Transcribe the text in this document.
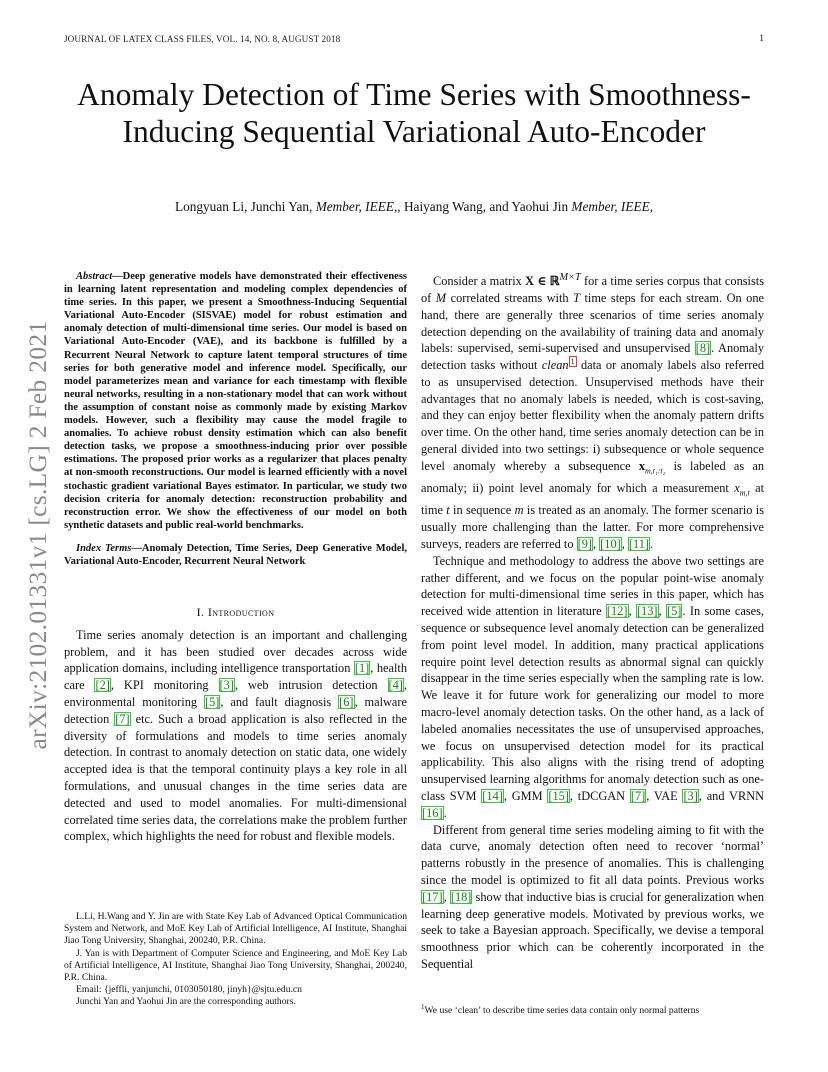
JOURNAL OF LATEX CLASS FILES, VOL. 14, NO. 8, AUGUST 2018	1
arXiv:2102.01331v1 [cs.LG] 2 Feb 2021
Anomaly Detection of Time Series with Smoothness-Inducing Sequential Variational Auto-Encoder
Longyuan Li, Junchi Yan, Member, IEEE,, Haiyang Wang, and Yaohui Jin Member, IEEE,

Abstract—Deep generative models have demonstrated their effectiveness in learning latent representation and modeling complex dependencies of time series. In this paper, we present a Smoothness-Inducing Sequential Variational Auto-Encoder (SISVAE) model for robust estimation and anomaly detection of multi-dimensional time series. Our model is based on Variational Auto-Encoder (VAE), and its backbone is fulfilled by a Recurrent Neural Network to capture latent temporal structures of time series for both generative model and inference model. Specifically, our model parameterizes mean and variance for each timestamp with flexible neural networks, resulting in a non-stationary model that can work without the assumption of constant noise as commonly made by existing Markov models. However, such a flexibility may cause the model fragile to anomalies. To achieve robust density estimation which can also benefit detection tasks, we propose a smoothness-inducing prior over possible estimations. The proposed prior works as a regularizer that places penalty at non-smooth reconstructions. Our model is learned efficiently with a novel stochastic gradient variational Bayes estimator. In particular, we study two decision criteria for anomaly detection: reconstruction probability and reconstruction error. We show the effectiveness of our model on both synthetic datasets and public real-world benchmarks.

Index Terms—Anomaly Detection, Time Series, Deep Generative Model, Variational Auto-Encoder, Recurrent Neural Network

I. Introduction

Time series anomaly detection is an important and challenging problem, and it has been studied over decades across wide application domains, including intelligence transportation [1], health care [2], KPI monitoring [3], web intrusion detection [4], environmental monitoring [5], and fault diagnosis [6], malware detection [7] etc. Such a broad application is also reflected in the diversity of formulations and models to time series anomaly detection. In contrast to anomaly detection on static data, one widely accepted idea is that the temporal continuity plays a key role in all formulations, and unusual changes in the time series data are detected and used to model anomalies. For multi-dimensional correlated time series data, the correlations make the problem further complex, which highlights the need for robust and flexible models.

L.Li, H.Wang and Y. Jin are with State Key Lab of Advanced Optical Communication System and Network, and MoE Key Lab of Artificial Intelligence, AI Institute, Shanghai Jiao Tong University, Shanghai, 200240, P.R. China.

J. Yan is with Department of Computer Science and Engineering, and MoE Key Lab of Artificial Intelligence, AI Institute, Shanghai Jiao Tong University, Shanghai, 200240, P.R. China.

Email: {jeffli, yanjunchi, 0103050180, jinyh}@sjtu.edu.cn

Junchi Yan and Yaohui Jin are the corresponding authors.

Consider a matrix X ∈ ℝ$^{M\times T}$ for a time series corpus that consists of M correlated streams with T time steps for each stream. On one hand, there are generally three scenarios of time series anomaly detection depending on the availability of training data and anomaly labels: supervised, semi-supervised and unsupervised [8]. Anomaly detection tasks without clean $^1$ data or anomaly labels also referred to as unsupervised detection. Unsupervised methods have their advantages that no anomaly labels is needed, which is cost-saving, and they can enjoy better flexibility when the anomaly pattern drifts over time. On the other hand, time series anomaly detection can be in general divided into two settings: i) subsequence or whole sequence level anomaly whereby a subsequence $x_{m,t_1:t_2}$ is labeled as an anomaly; ii) point level anomaly for which a measurement $x_{m,t}$ at time t in sequence m is treated as an anomaly. The former scenario is usually more challenging than the latter. For more comprehensive surveys, readers are referred to [9], [10], [11].

Technique and methodology to address the above two settings are rather different, and we focus on the popular point-wise anomaly detection for multi-dimensional time series in this paper, which has received wide attention in literature [12], [13], [5]. In some cases, sequence or subsequence level anomaly detection can be generalized from point level model. In addition, many practical applications require point level detection results as abnormal signal can quickly disappear in the time series especially when the sampling rate is low. We leave it for future work for generalizing our model to more macro-level anomaly detection tasks. On the other hand, as a lack of labeled anomalies necessitates the use of unsupervised approaches, we focus on unsupervised detection model for its practical applicability. This also aligns with the rising trend of adopting unsupervised learning algorithms for anomaly detection such as one-class SVM [14], GMM [15], tDCGAN [7], VAE [3], and VRNN [16].

Different from general time series modeling aiming to fit with the data curve, anomaly detection often need to recover ‘normal’ patterns robustly in the presence of anomalies. This is challenging since the model is optimized to fit all data points. Previous works [17], [18] show that inductive bias is crucial for generalization when learning deep generative models. Motivated by previous works, we seek to take a Bayesian approach. Specifically, we devise a temporal smoothness prior which can be coherently incorporated in the Sequential

$^1$We use ‘clean’ to describe time series data contain only normal patterns
